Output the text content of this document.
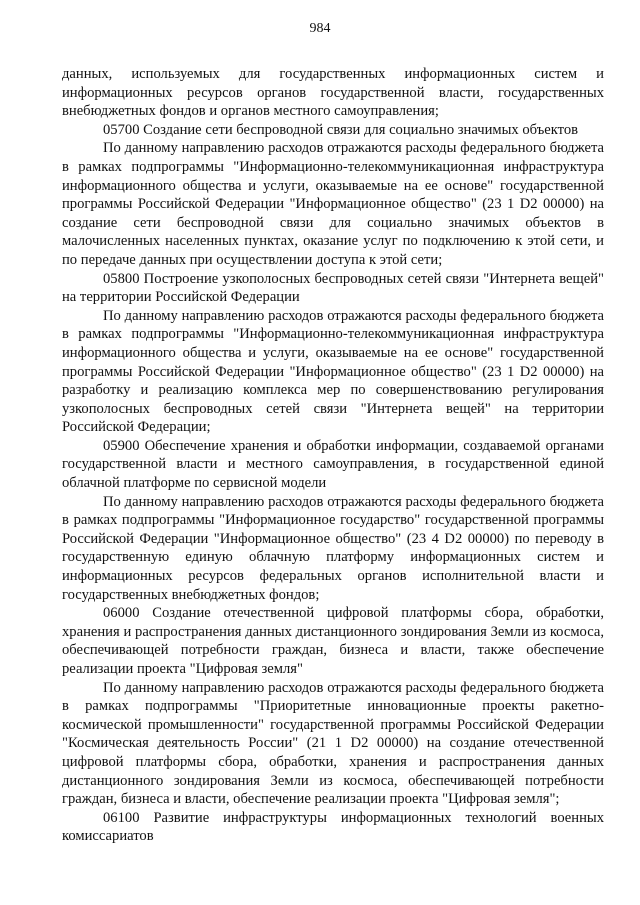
984

данных, используемых для государственных информационных систем и информационных ресурсов органов государственной власти, государственных внебюджетных фондов и органов местного самоуправления;

05700 Создание сети беспроводной связи для социально значимых объектов

По данному направлению расходов отражаются расходы федерального бюджета в рамках подпрограммы "Информационно-телекоммуникационная инфраструктура информационного общества и услуги, оказываемые на ее основе" государственной программы Российской Федерации "Информационное общество" (23 1 D2 00000) на создание сети беспроводной связи для социально значимых объектов в малочисленных населенных пунктах, оказание услуг по подключению к этой сети, и по передаче данных при осуществлении доступа к этой сети;

05800 Построение узкополосных беспроводных сетей связи "Интернета вещей" на территории Российской Федерации

По данному направлению расходов отражаются расходы федерального бюджета в рамках подпрограммы "Информационно-телекоммуникационная инфраструктура информационного общества и услуги, оказываемые на ее основе" государственной программы Российской Федерации "Информационное общество" (23 1 D2 00000) на разработку и реализацию комплекса мер по совершенствованию регулирования узкополосных беспроводных сетей связи "Интернета вещей" на территории Российской Федерации;

05900 Обеспечение хранения и обработки информации, создаваемой органами государственной власти и местного самоуправления, в государственной единой облачной платформе по сервисной модели

По данному направлению расходов отражаются расходы федерального бюджета в рамках подпрограммы "Информационное государство" государственной программы Российской Федерации "Информационное общество" (23 4 D2 00000) по переводу в государственную единую облачную платформу информационных систем и информационных ресурсов федеральных органов исполнительной власти и государственных внебюджетных фондов;

06000 Создание отечественной цифровой платформы сбора, обработки, хранения и распространения данных дистанционного зондирования Земли из космоса, обеспечивающей потребности граждан, бизнеса и власти, также обеспечение реализации проекта "Цифровая земля"

По данному направлению расходов отражаются расходы федерального бюджета в рамках подпрограммы "Приоритетные инновационные проекты ракетно-космической промышленности" государственной программы Российской Федерации "Космическая деятельность России" (21 1 D2 00000) на создание отечественной цифровой платформы сбора, обработки, хранения и распространения данных дистанционного зондирования Земли из космоса, обеспечивающей потребности граждан, бизнеса и власти, обеспечение реализации проекта "Цифровая земля";

06100 Развитие инфраструктуры информационных технологий военных комиссариатов
